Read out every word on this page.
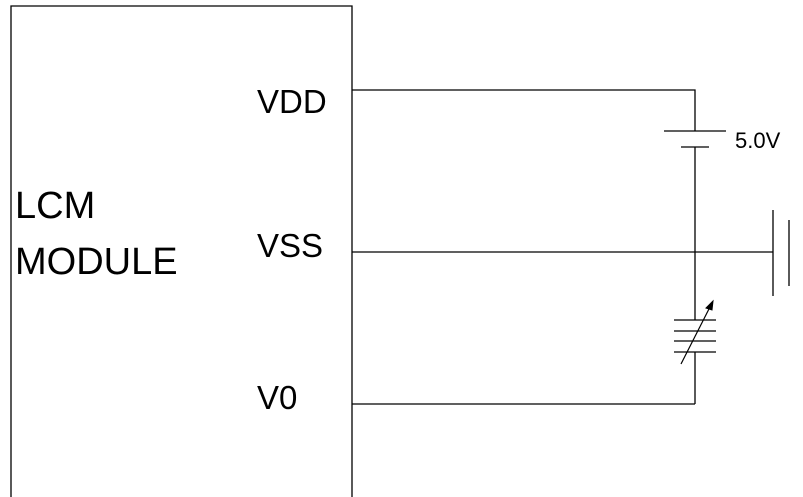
LCM
MODULE
VDD
VSS
V0
5.0V
